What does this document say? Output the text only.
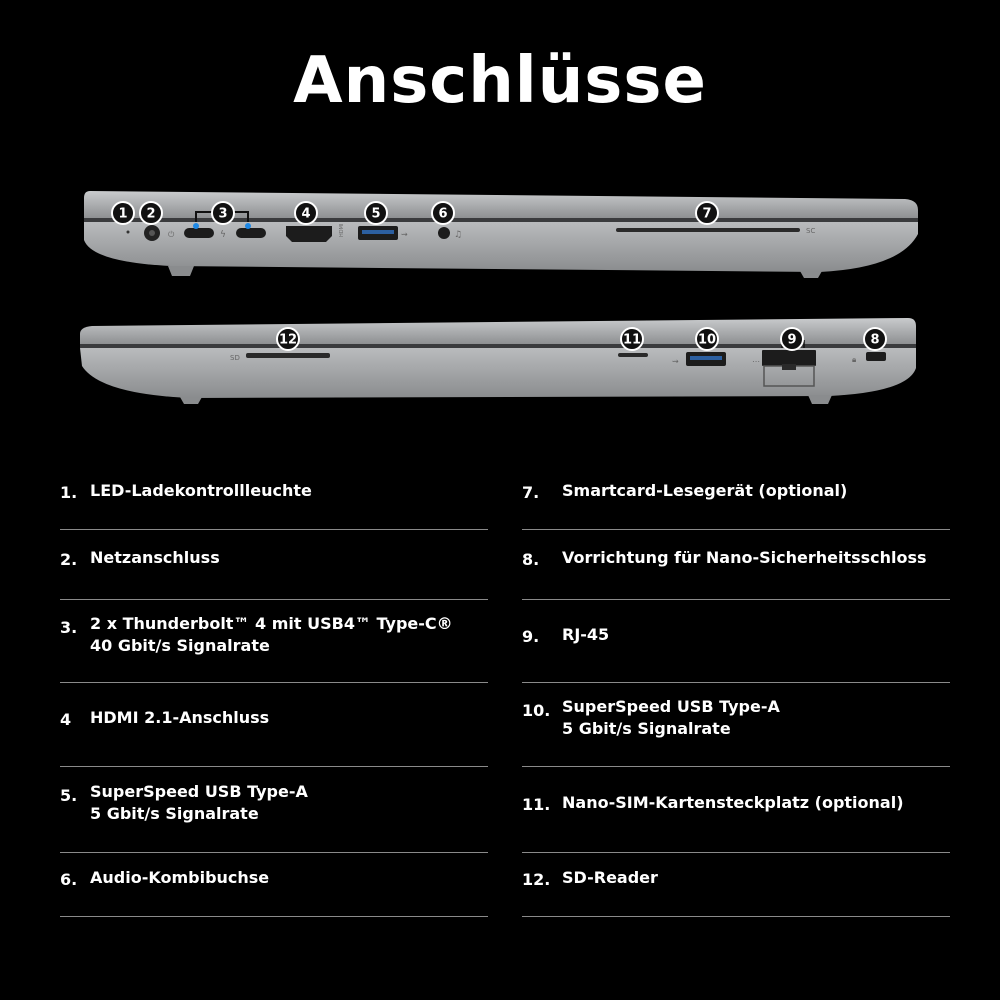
Anschlüsse
⏻	ϟ	HDMI	⇝	♫	SC
SD	⇝	⋯	🔒︎
1 2	3	4	5	6	7
12	11	10	9	8
1. LED-Ladekontrollleuchte
2. Netzanschluss
3. 2 x Thunderbolt™ 4 mit USB4™ Type-C®
40 Gbit/s Signalrate
4 HDMI 2.1-Anschluss
5. SuperSpeed USB Type-A
5 Gbit/s Signalrate
6. Audio-Kombibuchse
7. Smartcard-Lesegerät (optional)
8. Vorrichtung für Nano-Sicherheitsschloss
9. RJ-45
10. SuperSpeed USB Type-A
5 Gbit/s Signalrate
11. Nano-SIM-Kartensteckplatz (optional)
12. SD-Reader
